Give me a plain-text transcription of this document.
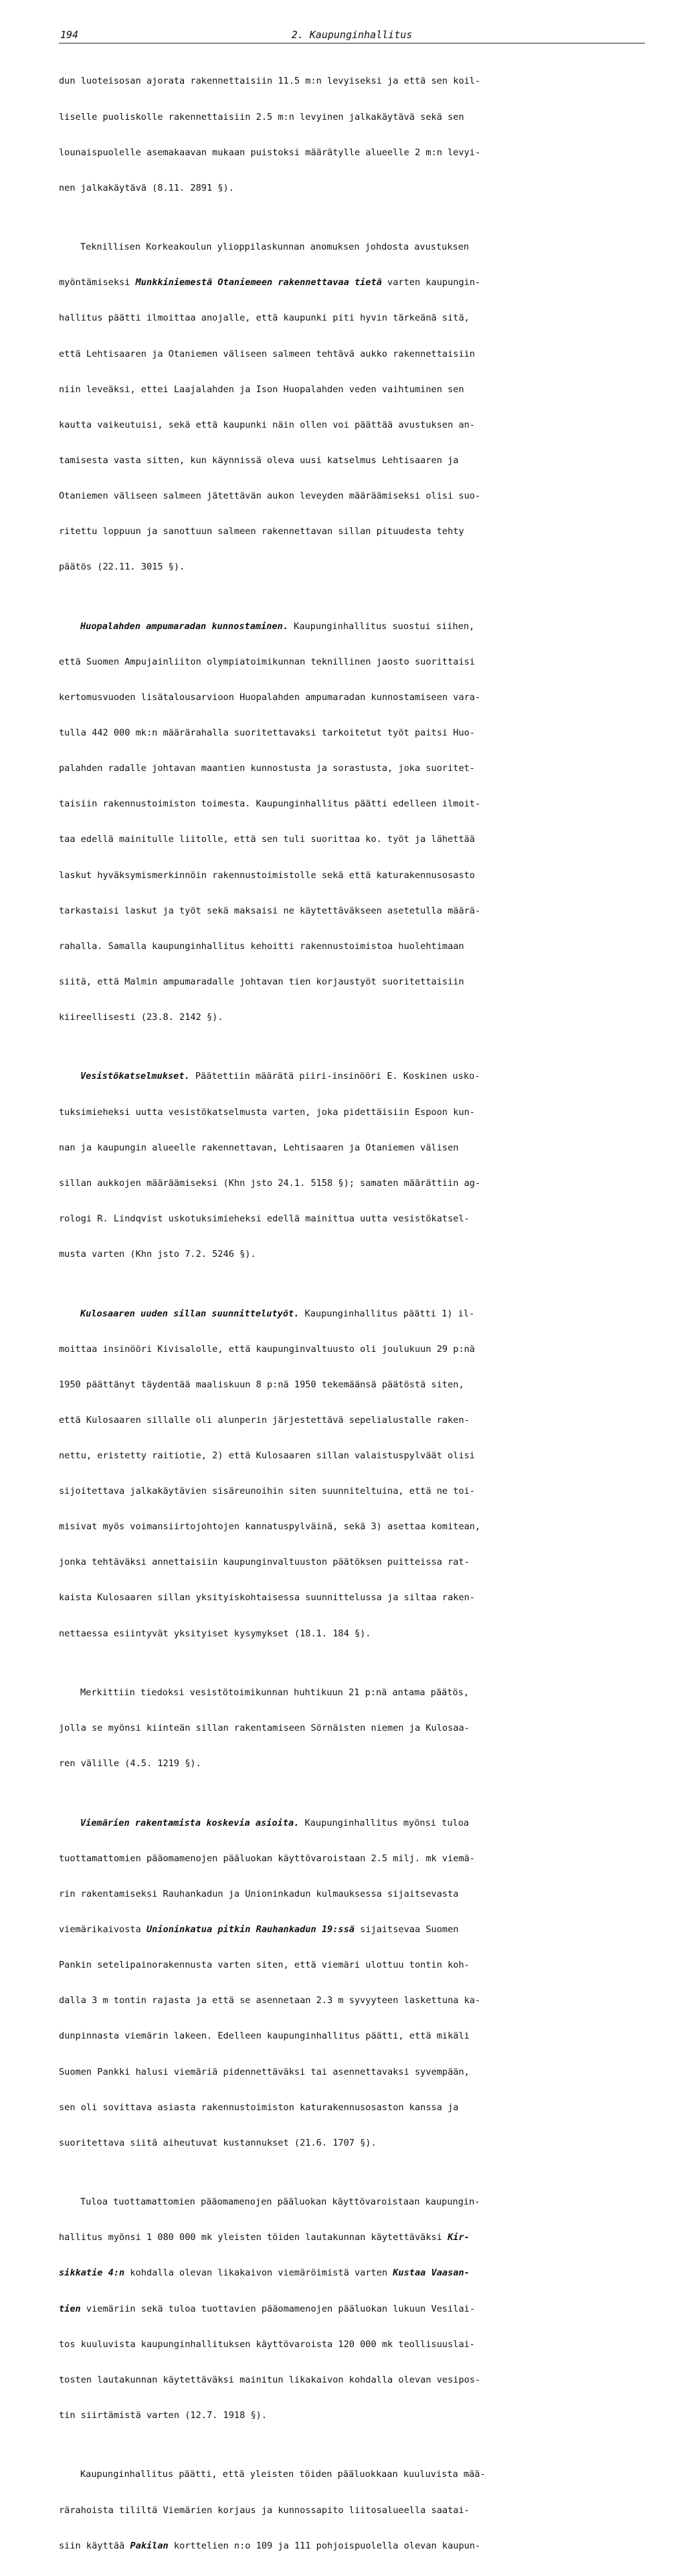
194	2. Kaupunginhallitus

dun luoteisosan ajorata rakennettaisiin 11.5 m:n levyiseksi ja että sen koil-

liselle puoliskolle rakennettaisiin 2.5 m:n levyinen jalkakäytävä sekä sen

lounaispuolelle asemakaavan mukaan puistoksi määrätylle alueelle 2 m:n levyi-

nen jalkakäytävä (8.11. 2891 §).

Teknillisen Korkeakoulun ylioppilaskunnan anomuksen johdosta avustuksen

myöntämiseksi Munkkiniemestä Otaniemeen rakennettavaa tietä varten kaupungin-

hallitus päätti ilmoittaa anojalle, että kaupunki piti hyvin tärkeänä sitä,

että Lehtisaaren ja Otaniemen väliseen salmeen tehtävä aukko rakennettaisiin

niin leveäksi, ettei Laajalahden ja Ison Huopalahden veden vaihtuminen sen

kautta vaikeutuisi, sekä että kaupunki näin ollen voi päättää avustuksen an-

tamisesta vasta sitten, kun käynnissä oleva uusi katselmus Lehtisaaren ja

Otaniemen väliseen salmeen jätettävän aukon leveyden määräämiseksi olisi suo-

ritettu loppuun ja sanottuun salmeen rakennettavan sillan pituudesta tehty

päätös (22.11. 3015 §).

Huopalahden ampumaradan kunnostaminen. Kaupunginhallitus suostui siihen,

että Suomen Ampujainliiton olympiatoimikunnan teknillinen jaosto suorittaisi

kertomusvuoden lisätalousarvioon Huopalahden ampumaradan kunnostamiseen vara-

tulla 442 000 mk:n määrärahalla suoritettavaksi tarkoitetut työt paitsi Huo-

palahden radalle johtavan maantien kunnostusta ja sorastusta, joka suoritet-

taisiin rakennustoimiston toimesta. Kaupunginhallitus päätti edelleen ilmoit-

taa edellä mainitulle liitolle, että sen tuli suorittaa ko. työt ja lähettää

laskut hyväksymismerkinnöin rakennustoimistolle sekä että katurakennusosasto

tarkastaisi laskut ja työt sekä maksaisi ne käytettäväkseen asetetulla määrä-

rahalla. Samalla kaupunginhallitus kehoitti rakennustoimistoa huolehtimaan

siitä, että Malmin ampumaradalle johtavan tien korjaustyöt suoritettaisiin

kiireellisesti (23.8. 2142 §).

Vesistökatselmukset. Päätettiin määrätä piiri-insinööri E. Koskinen usko-

tuksimieheksi uutta vesistökatselmusta varten, joka pidettäisiin Espoon kun-

nan ja kaupungin alueelle rakennettavan, Lehtisaaren ja Otaniemen välisen

sillan aukkojen määräämiseksi (Khn jsto 24.1. 5158 §); samaten määrättiin ag-

rologi R. Lindqvist uskotuksimieheksi edellä mainittua uutta vesistökatsel-

musta varten (Khn jsto 7.2. 5246 §).

Kulosaaren uuden sillan suunnittelutyöt. Kaupunginhallitus päätti 1) il-

moittaa insinööri Kivisalolle, että kaupunginvaltuusto oli joulukuun 29 p:nä

1950 päättänyt täydentää maaliskuun 8 p:nä 1950 tekemäänsä päätöstä siten,

että Kulosaaren sillalle oli alunperin järjestettävä sepelialustalle raken-

nettu, eristetty raitiotie, 2) että Kulosaaren sillan valaistuspylväät olisi

sijoitettava jalkakäytävien sisäreunoihin siten suunniteltuina, että ne toi-

misivat myös voimansiirtojohtojen kannatuspylväinä, sekä 3) asettaa komitean,

jonka tehtäväksi annettaisiin kaupunginvaltuuston päätöksen puitteissa rat-

kaista Kulosaaren sillan yksityiskohtaisessa suunnittelussa ja siltaa raken-

nettaessa esiintyvät yksityiset kysymykset (18.1. 184 §).

Merkittiin tiedoksi vesistötoimikunnan huhtikuun 21 p:nä antama päätös,

jolla se myönsi kiinteän sillan rakentamiseen Sörnäisten niemen ja Kulosaa-

ren välille (4.5. 1219 §).

Viemärien rakentamista koskevia asioita. Kaupunginhallitus myönsi tuloa

tuottamattomien pääomamenojen pääluokan käyttövaroistaan 2.5 milj. mk viemä-

rin rakentamiseksi Rauhankadun ja Unioninkadun kulmauksessa sijaitsevasta

viemärikaivosta Unioninkatua pitkin Rauhankadun 19:ssä sijaitsevaa Suomen

Pankin setelipainorakennusta varten siten, että viemäri ulottuu tontin koh-

dalla 3 m tontin rajasta ja että se asennetaan 2.3 m syvyyteen laskettuna ka-

dunpinnasta viemärin lakeen. Edelleen kaupunginhallitus päätti, että mikäli

Suomen Pankki halusi viemäriä pidennettäväksi tai asennettavaksi syvempään,

sen oli sovittava asiasta rakennustoimiston katurakennusosaston kanssa ja

suoritettava siitä aiheutuvat kustannukset (21.6. 1707 §).

Tuloa tuottamattomien pääomamenojen pääluokan käyttövaroistaan kaupungin-

hallitus myönsi 1 080 000 mk yleisten töiden lautakunnan käytettäväksi Kir-

sikkatie 4:n kohdalla olevan likakaivon viemäröimistä varten Kustaa Vaasan-

tien viemäriin sekä tuloa tuottavien pääomamenojen pääluokan lukuun Vesilai-

tos kuuluvista kaupunginhallituksen käyttövaroista 120 000 mk teollisuuslai-

tosten lautakunnan käytettäväksi mainitun likakaivon kohdalla olevan vesipos-

tin siirtämistä varten (12.7. 1918 §).

Kaupunginhallitus päätti, että yleisten töiden pääluokkaan kuuluvista mää-

rärahoista tililtä Viemärien korjaus ja kunnossapito liitosalueella saatai-

siin käyttää Pakilan korttelien n:o 109 ja 111 pohjoispuolella olevan kaupun-
